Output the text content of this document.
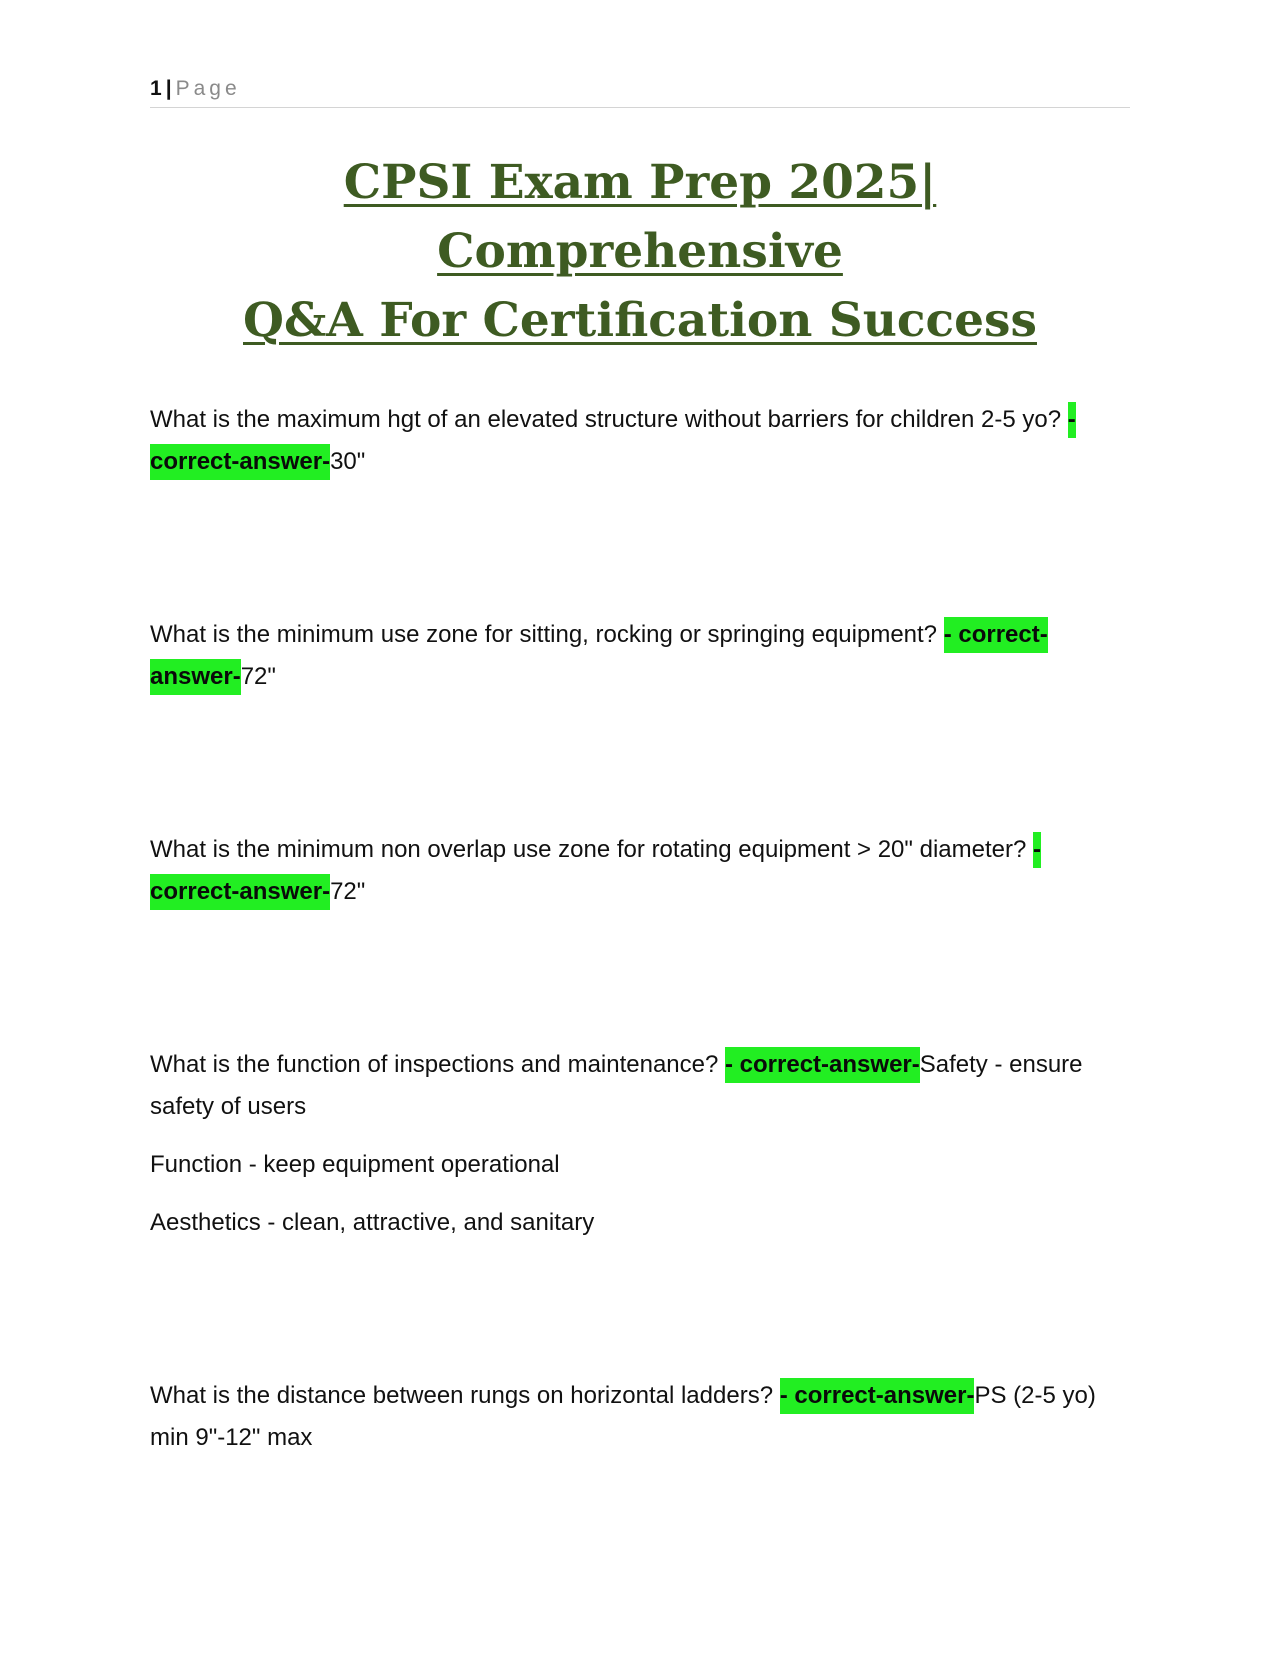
1 | Page
CPSI Exam Prep 2025| Comprehensive
Q&A For Certification Success

What is the maximum hgt of an elevated structure without barriers for children 2-5 yo? - correct-answer-30"

What is the minimum use zone for sitting, rocking or springing equipment? - correct-answer-72"

What is the minimum non overlap use zone for rotating equipment > 20" diameter? - correct-answer-72"

What is the function of inspections and maintenance? - correct-answer-Safety - ensure safety of users

Function - keep equipment operational

Aesthetics - clean, attractive, and sanitary

What is the distance between rungs on horizontal ladders? - correct-answer-PS (2-5 yo) min 9"-12" max
